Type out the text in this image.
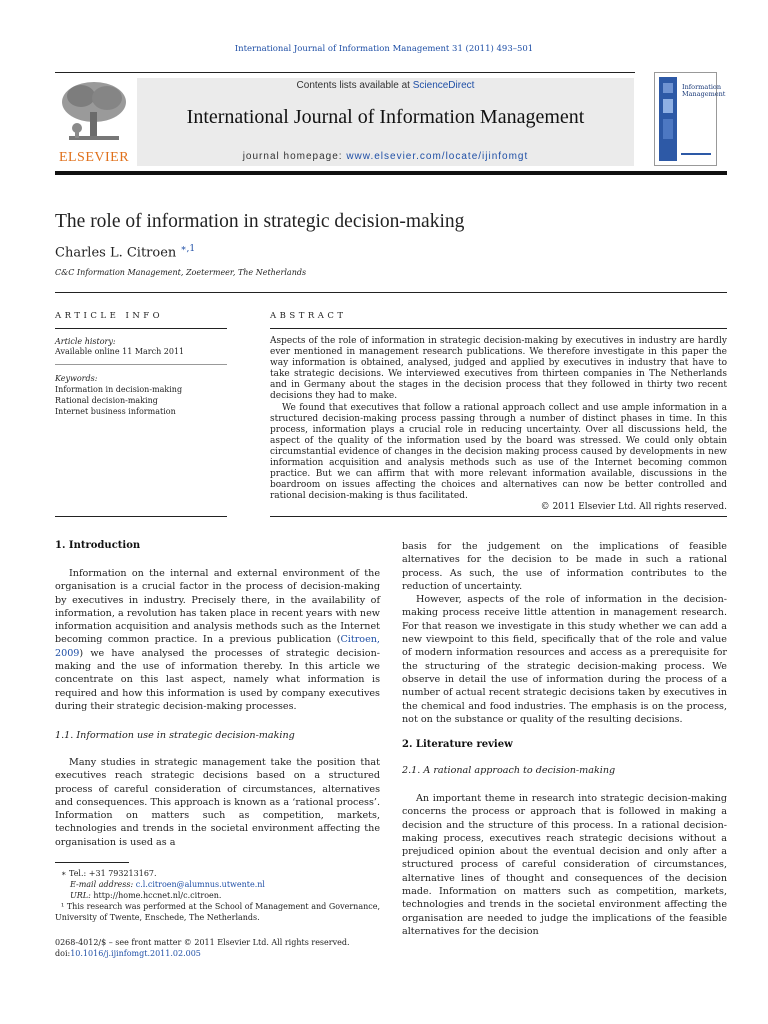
International Journal of Information Management 31 (2011) 493–501
ELSEVIER
Contents lists available at ScienceDirect
International Journal of Information Management
journal homepage: www.elsevier.com/locate/ijinfomgt
Information Management
The role of information in strategic decision-making
Charles L. Citroen $^{∗,1}$
C&C Information Management, Zoetermeer, The Netherlands
ARTICLE INFO
Article history:
Available online 11 March 2011
Keywords:
Information in decision-making
Rational decision-making
Internet business information
ABSTRACT

Aspects of the role of information in strategic decision-making by executives in industry are hardly ever mentioned in management research publications. We therefore investigate in this paper the way information is obtained, analysed, judged and applied by executives in industry that have to take strategic decisions. We interviewed executives from thirteen companies in The Netherlands and in Germany about the stages in the decision process that they followed in thirty two recent decisions they had to make.

We found that executives that follow a rational approach collect and use ample information in a structured decision-making process passing through a number of distinct phases in time. In this process, information plays a crucial role in reducing uncertainty. Over all discussions held, the aspect of the quality of the information used by the board was stressed. We could only obtain circumstantial evidence of changes in the decision making process caused by developments in new information acquisition and analysis methods such as use of the Internet becoming common practice. But we can affirm that with more relevant information available, discussions in the boardroom on issues affecting the choices and alternatives can now be better controlled and rational decision-making is thus facilitated.

© 2011 Elsevier Ltd. All rights reserved.
1. Introduction

Information on the internal and external environment of the organisation is a crucial factor in the process of decision-making by executives in industry. Precisely there, in the availability of information, a revolution has taken place in recent years with new information acquisition and analysis methods such as the Internet becoming common practice. In a previous publication (Citroen, 2009) we have analysed the processes of strategic decision-making and the use of information thereby. In this article we concentrate on this last aspect, namely what information is required and how this information is used by company executives during their strategic decision-making processes.

1.1. Information use in strategic decision-making

Many studies in strategic management take the position that executives reach strategic decisions based on a structured process of careful consideration of circumstances, alternatives and consequences. This approach is known as a ‘rational process’. Information on matters such as competition, markets, technologies and trends in the societal environment affecting the organisation is used as a

∗ Tel.: +31 793213167.
E-mail address: c.l.citroen@alumnus.utwente.nl
URL: http://home.hccnet.nl/c.citroen.
¹ This research was performed at the School of Management and Governance, University of Twente, Enschede, The Netherlands.
0268-4012/$ – see front matter © 2011 Elsevier Ltd. All rights reserved.
doi:10.1016/j.ijinfomgt.2011.02.005

basis for the judgement on the implications of feasible alternatives for the decision to be made in such a rational process. As such, the use of information contributes to the reduction of uncertainty.

However, aspects of the role of information in the decision-making process receive little attention in management research. For that reason we investigate in this study whether we can add a new viewpoint to this field, specifically that of the role and value of modern information resources and access as a prerequisite for the structuring of the strategic decision-making process. We observe in detail the use of information during the process of a number of actual recent strategic decisions taken by executives in the chemical and food industries. The emphasis is on the process, not on the substance or quality of the resulting decisions.

2. Literature review
2.1. A rational approach to decision-making

An important theme in research into strategic decision-making concerns the process or approach that is followed in making a decision and the structure of this process. In a rational decision-making process, executives reach strategic decisions without a prejudiced opinion about the eventual decision and only after a structured process of careful consideration of circumstances, alternative lines of thought and consequences of the decision made. Information on matters such as competition, markets, technologies and trends in the societal environment affecting the organisation are needed to judge the implications of the feasible alternatives for the decision
